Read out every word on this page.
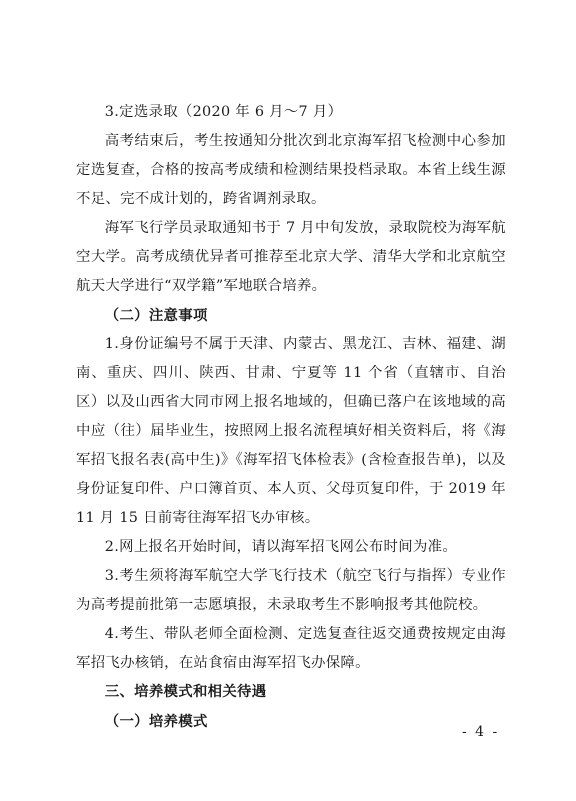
3.定选录取（2020 年 6 月～7 月）

高考结束后，考生按通知分批次到北京海军招飞检测中心参加定选复查，合格的按高考成绩和检测结果投档录取。本省上线生源不足、完不成计划的，跨省调剂录取。

海军飞行学员录取通知书于 7 月中旬发放，录取院校为海军航空大学。高考成绩优异者可推荐至北京大学、清华大学和北京航空航天大学进行“双学籍”军地联合培养。

（二）注意事项

1.身份证编号不属于天津、内蒙古、黑龙江、吉林、福建、湖南、重庆、四川、陕西、甘肃、宁夏等 11 个省（直辖市、自治区）以及山西省大同市网上报名地域的，但确已落户在该地域的高中应（往）届毕业生，按照网上报名流程填好相关资料后，将《海军招飞报名表(高中生)》《海军招飞体检表》(含检查报告单)，以及身份证复印件、户口簿首页、本人页、父母页复印件，于 2019 年 11 月 15 日前寄往海军招飞办审核。

2.网上报名开始时间，请以海军招飞网公布时间为准。

3.考生须将海军航空大学飞行技术（航空飞行与指挥）专业作为高考提前批第一志愿填报，未录取考生不影响报考其他院校。

4.考生、带队老师全面检测、定选复查往返交通费按规定由海军招飞办核销，在站食宿由海军招飞办保障。

三、培养模式和相关待遇

（一）培养模式

- 4 -
